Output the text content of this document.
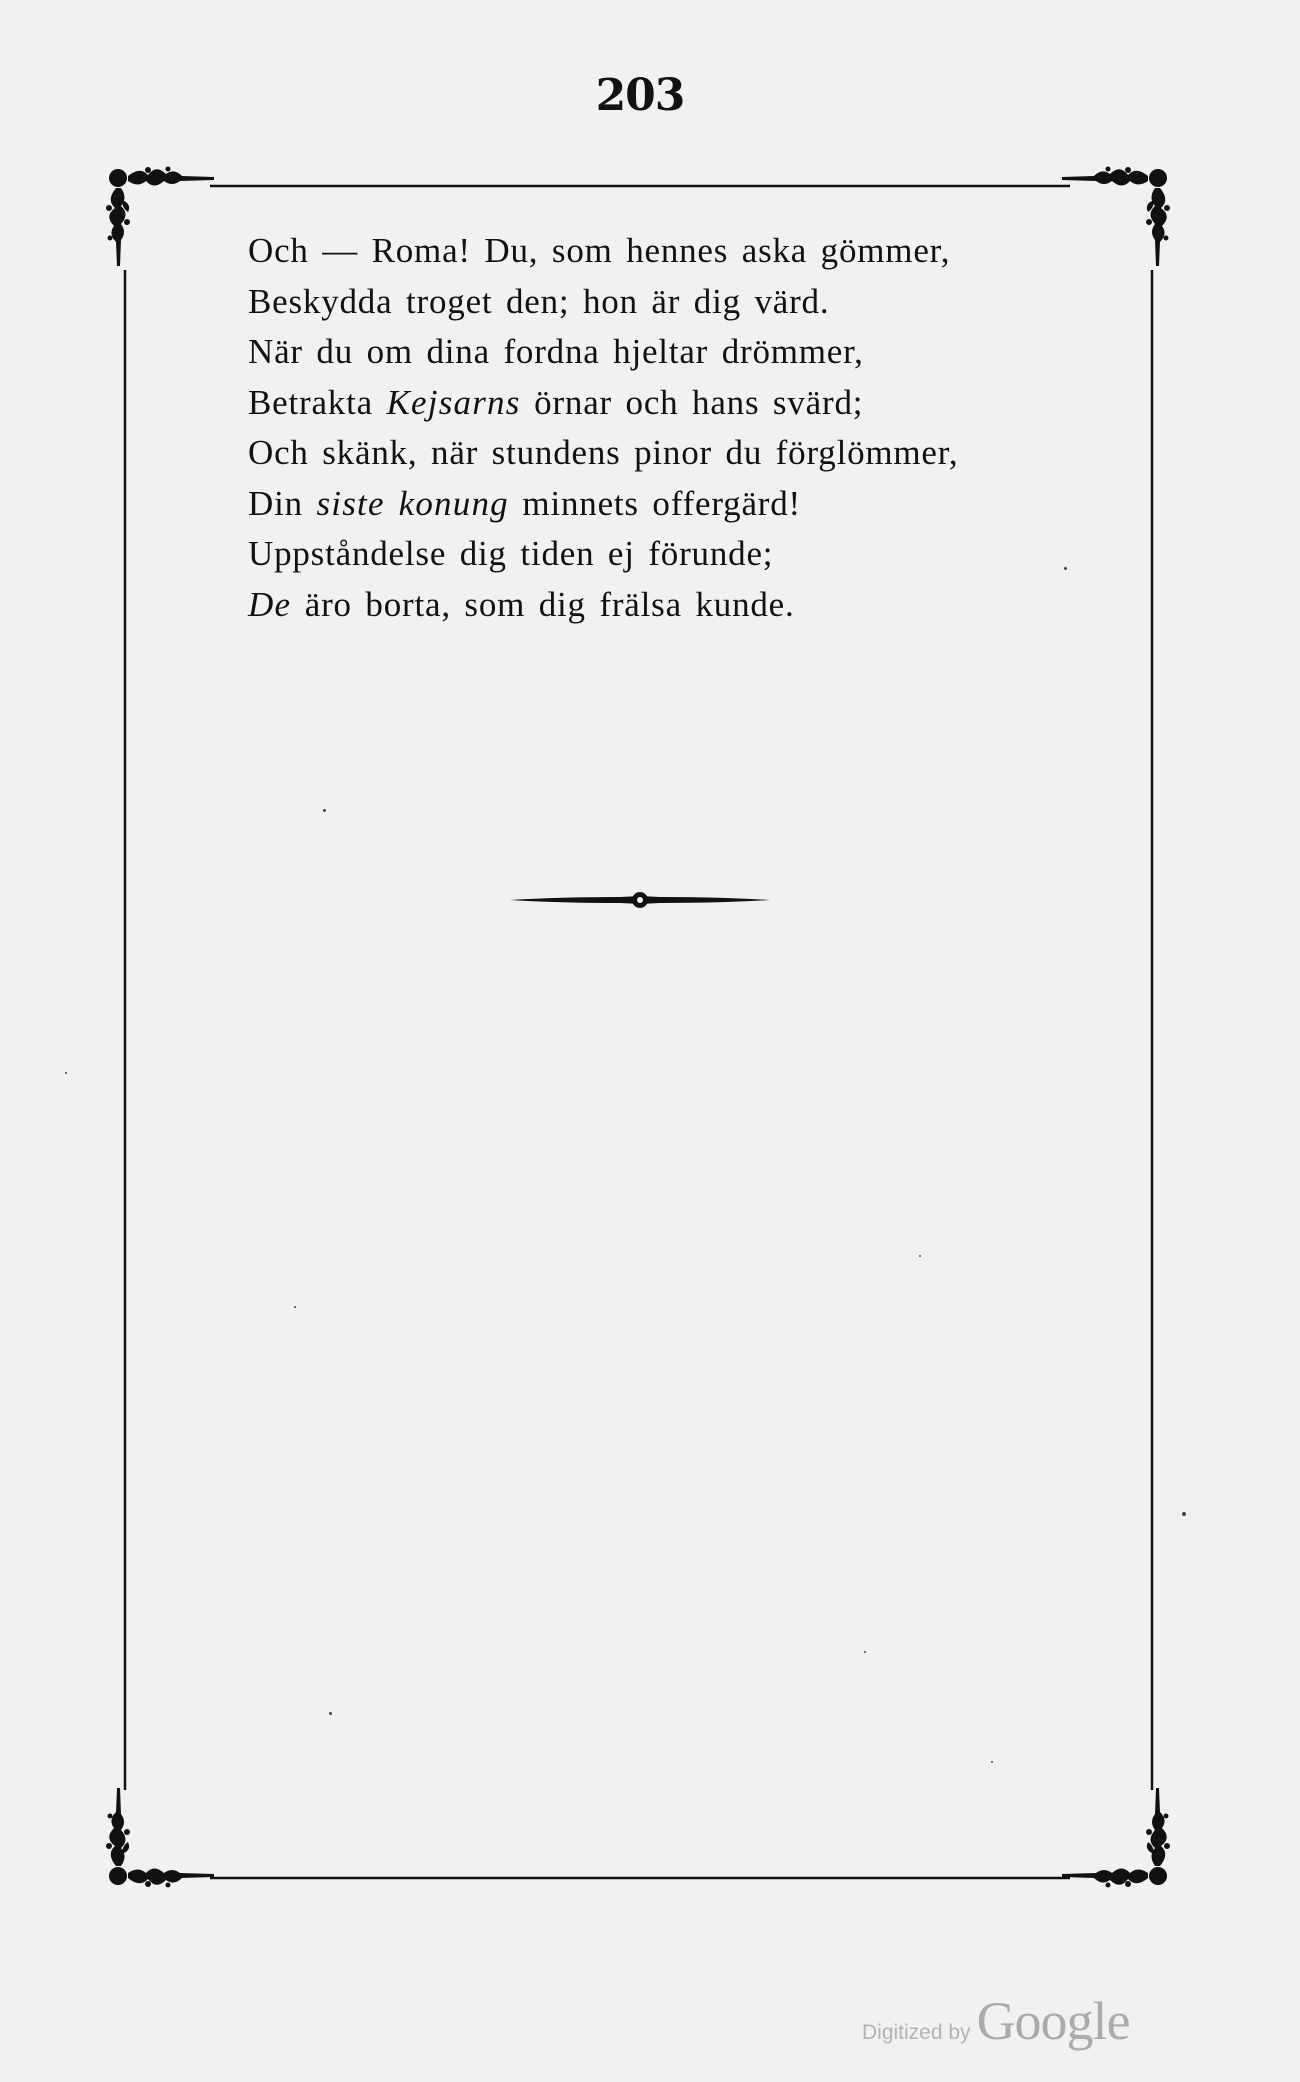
203
Och — Roma! Du, som hennes aska gömmer,
Beskydda troget den; hon är dig värd.
När du om dina fordna hjeltar drömmer,
Betrakta Kejsarns örnar och hans svärd;
Och skänk, när stundens pinor du förglömmer,
Din siste konung minnets offergärd!
Uppståndelse dig tiden ej förunde;
De äro borta, som dig frälsa kunde.
Digitized by Google
